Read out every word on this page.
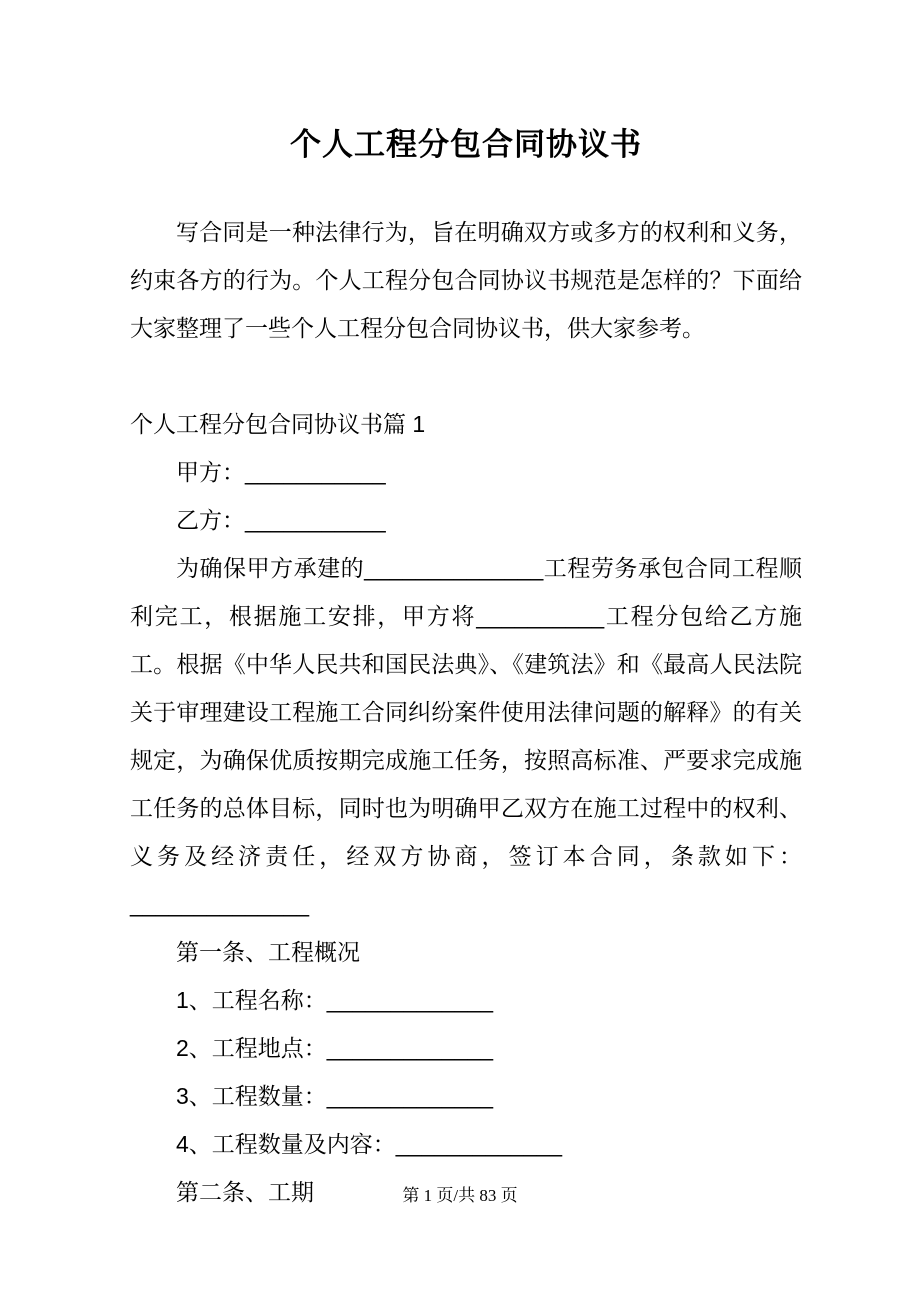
个人工程分包合同协议书

写合同是一种法律行为，旨在明确双方或多方的权利和义务，约束各方的行为。个人工程分包合同协议书规范是怎样的？下面给大家整理了一些个人工程分包合同协议书，供大家参考。

个人工程分包合同协议书篇 1

甲方：___________

乙方：___________

为确保甲方承建的______________工程劳务承包合同工程顺利完工，根据施工安排，甲方将__________工程分包给乙方施工。根据《中华人民共和国民法典》、《建筑法》和《最高人民法院关于审理建设工程施工合同纠纷案件使用法律问题的解释》的有关规定，为确保优质按期完成施工任务，按照高标准、严要求完成施工任务的总体目标，同时也为明确甲乙双方在施工过程中的权利、义务及经济责任，经双方协商，签订本合同，条款如下：______________

第一条、工程概况

1、工程名称：_____________

2、工程地点：_____________

3、工程数量：_____________

4、工程数量及内容：_____________

第二条、工期	第 1 页/共 83 页
